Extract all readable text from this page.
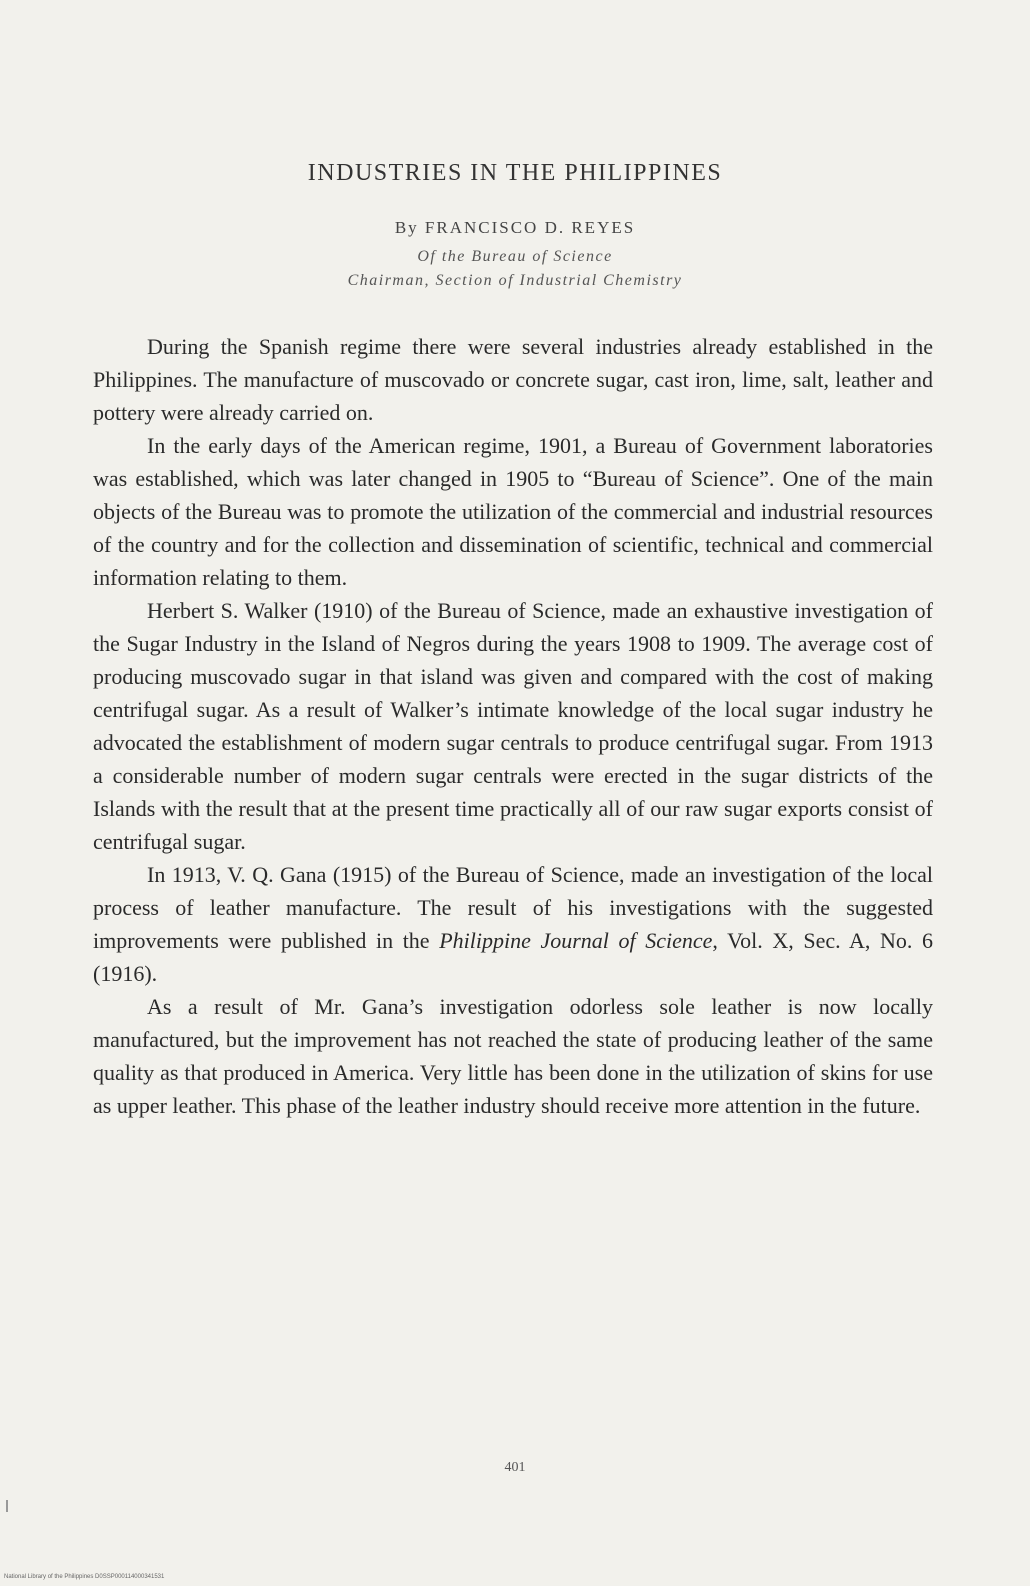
INDUSTRIES IN THE PHILIPPINES
By FRANCISCO D. REYES
Of the Bureau of Science
Chairman, Section of Industrial Chemistry

During the Spanish regime there were several industries already established in the Philippines. The manufacture of muscovado or concrete sugar, cast iron, lime, salt, leather and pottery were already carried on.

In the early days of the American regime, 1901, a Bureau of Government laboratories was established, which was later changed in 1905 to “Bureau of Science”. One of the main objects of the Bureau was to promote the utilization of the commercial and industrial resources of the country and for the collection and dissemination of scientific, technical and commercial information relating to them.

Herbert S. Walker (1910) of the Bureau of Science, made an exhaustive investigation of the Sugar Industry in the Island of Negros during the years 1908 to 1909. The average cost of producing muscovado sugar in that island was given and compared with the cost of making centrifugal sugar. As a result of Walker’s intimate knowledge of the local sugar industry he advocated the establishment of modern sugar centrals to produce centrifugal sugar. From 1913 a considerable number of modern sugar centrals were erected in the sugar districts of the Islands with the result that at the present time practically all of our raw sugar exports consist of centrifugal sugar.

In 1913, V. Q. Gana (1915) of the Bureau of Science, made an investigation of the local process of leather manufacture. The result of his investigations with the suggested improvements were published in the Philippine Journal of Science, Vol. X, Sec. A, No. 6 (1916).

As a result of Mr. Gana’s investigation odorless sole leather is now locally manufactured, but the improvement has not reached the state of producing leather of the same quality as that produced in America. Very little has been done in the utilization of skins for use as upper leather. This phase of the leather industry should receive more attention in the future.

401
National Library of the Philippines D0SSP000114000341531
